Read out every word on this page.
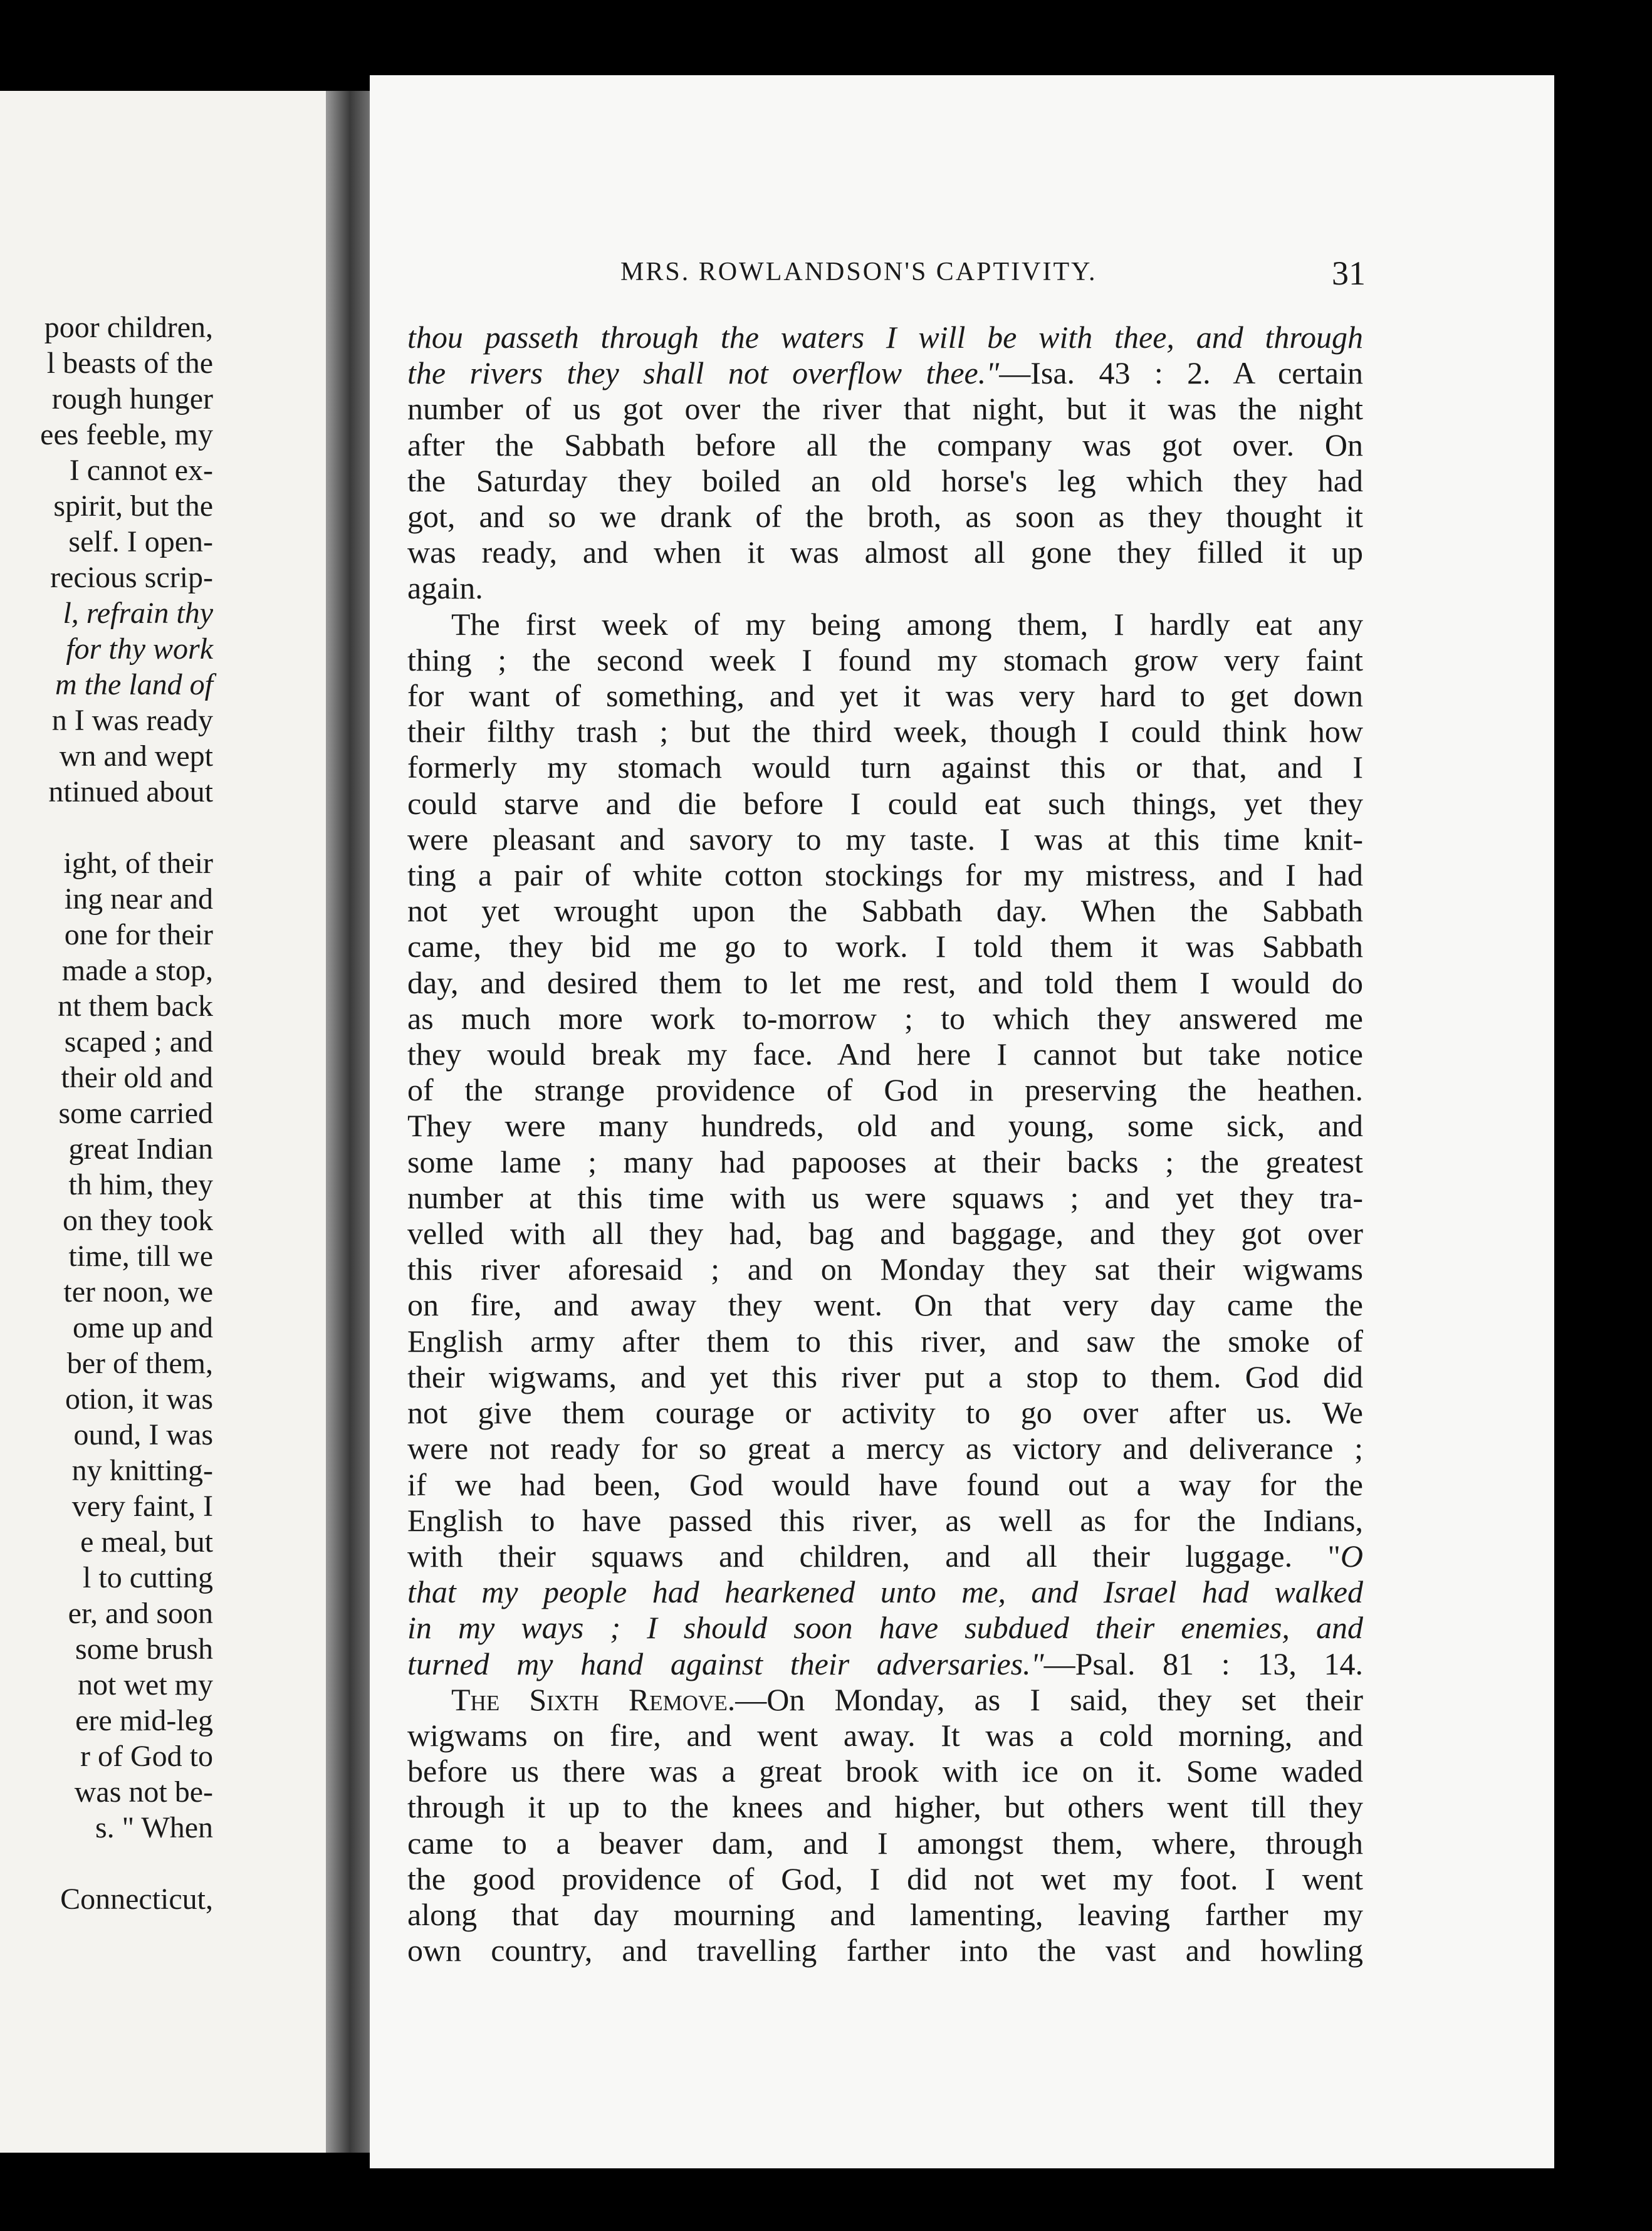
poor children,
l beasts of the
rough hunger
ees feeble, my
I cannot ex-
spirit, but the
self. I open-
recious scrip-
l, refrain thy
for thy work
m the land of
n I was ready
wn and wept
ntinued about
ight, of their
ing near and
one for their
made a stop,
nt them back
scaped ; and
their old and
some carried
great Indian
th him, they
on they took
time, till we
ter noon, we
ome up and
ber of them,
otion, it was
ound, I was
ny knitting-
very faint, I
e meal, but
l to cutting
er, and soon
some brush
not wet my
ere mid-leg
r of God to
was not be-
s. " When
Connecticut,
MRS. ROWLANDSON'S CAPTIVITY.	31
thou passeth through the waters I will be with thee, and through
the rivers they shall not overflow thee."—Isa. 43 : 2. A certain
number of us got over the river that night, but it was the night
after the Sabbath before all the company was got over. On
the Saturday they boiled an old horse's leg which they had
got, and so we drank of the broth, as soon as they thought it
was ready, and when it was almost all gone they filled it up
again.
The first week of my being among them, I hardly eat any
thing ; the second week I found my stomach grow very faint
for want of something, and yet it was very hard to get down
their filthy trash ; but the third week, though I could think how
formerly my stomach would turn against this or that, and I
could starve and die before I could eat such things, yet they
were pleasant and savory to my taste. I was at this time knit-
ting a pair of white cotton stockings for my mistress, and I had
not yet wrought upon the Sabbath day. When the Sabbath
came, they bid me go to work. I told them it was Sabbath
day, and desired them to let me rest, and told them I would do
as much more work to-morrow ; to which they answered me
they would break my face. And here I cannot but take notice
of the strange providence of God in preserving the heathen.
They were many hundreds, old and young, some sick, and
some lame ; many had papooses at their backs ; the greatest
number at this time with us were squaws ; and yet they tra-
velled with all they had, bag and baggage, and they got over
this river aforesaid ; and on Monday they sat their wigwams
on fire, and away they went. On that very day came the
English army after them to this river, and saw the smoke of
their wigwams, and yet this river put a stop to them. God did
not give them courage or activity to go over after us. We
were not ready for so great a mercy as victory and deliverance ;
if we had been, God would have found out a way for the
English to have passed this river, as well as for the Indians,
with their squaws and children, and all their luggage. "O
that my people had hearkened unto me, and Israel had walked
in my ways ; I should soon have subdued their enemies, and
turned my hand against their adversaries."—Psal. 81 : 13, 14.
The Sixth Remove.—On Monday, as I said, they set their
wigwams on fire, and went away. It was a cold morning, and
before us there was a great brook with ice on it. Some waded
through it up to the knees and higher, but others went till they
came to a beaver dam, and I amongst them, where, through
the good providence of God, I did not wet my foot. I went
along that day mourning and lamenting, leaving farther my
own country, and travelling farther into the vast and howling
